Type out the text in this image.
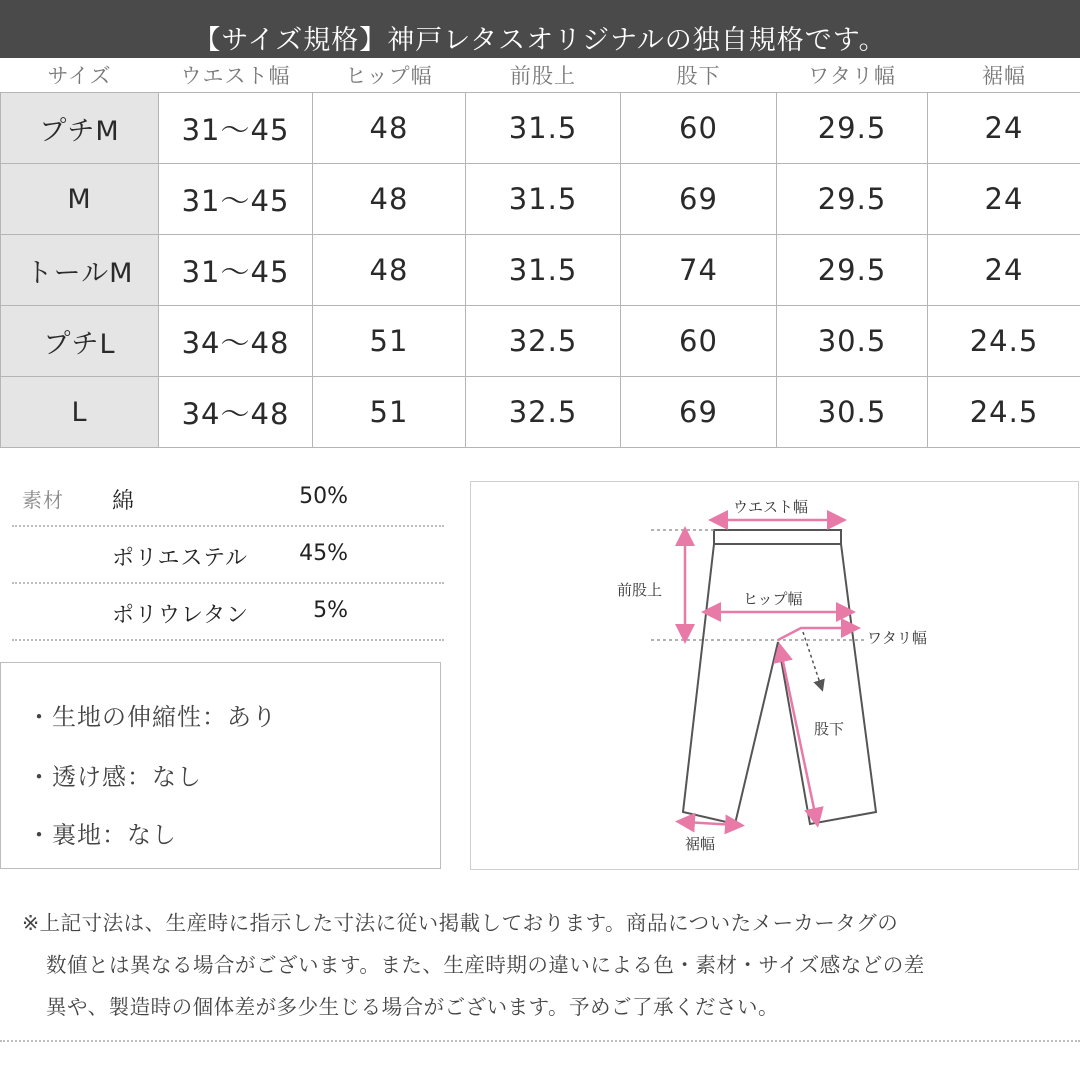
【サイズ規格】神戸レタスオリジナルの独自規格です。
サイズ	ウエスト幅	ヒップ幅	前股上	股下	ワタリ幅	裾幅
プチM	31〜45	48	31.5	60	29.5	24
M	31〜45	48	31.5	69	29.5	24
トールM	31〜45	48	31.5	74	29.5	24
プチL	34〜48	51	32.5	60	30.5	24.5
L	34〜48	51	32.5	69	30.5	24.5
素材 綿	50%
ポリエステル 45%
ポリウレタン	5%
・生地の伸縮性：あり
・透け感：なし
・裏地：なし
ウエスト幅
前股上	ヒップ幅
ワタリ幅
股下
裾幅
※上記寸法は、生産時に指示した寸法に従い掲載しております。商品についたメーカータグの
数値とは異なる場合がございます。また、生産時期の違いによる色・素材・サイズ感などの差
異や、製造時の個体差が多少生じる場合がございます。予めご了承ください。
